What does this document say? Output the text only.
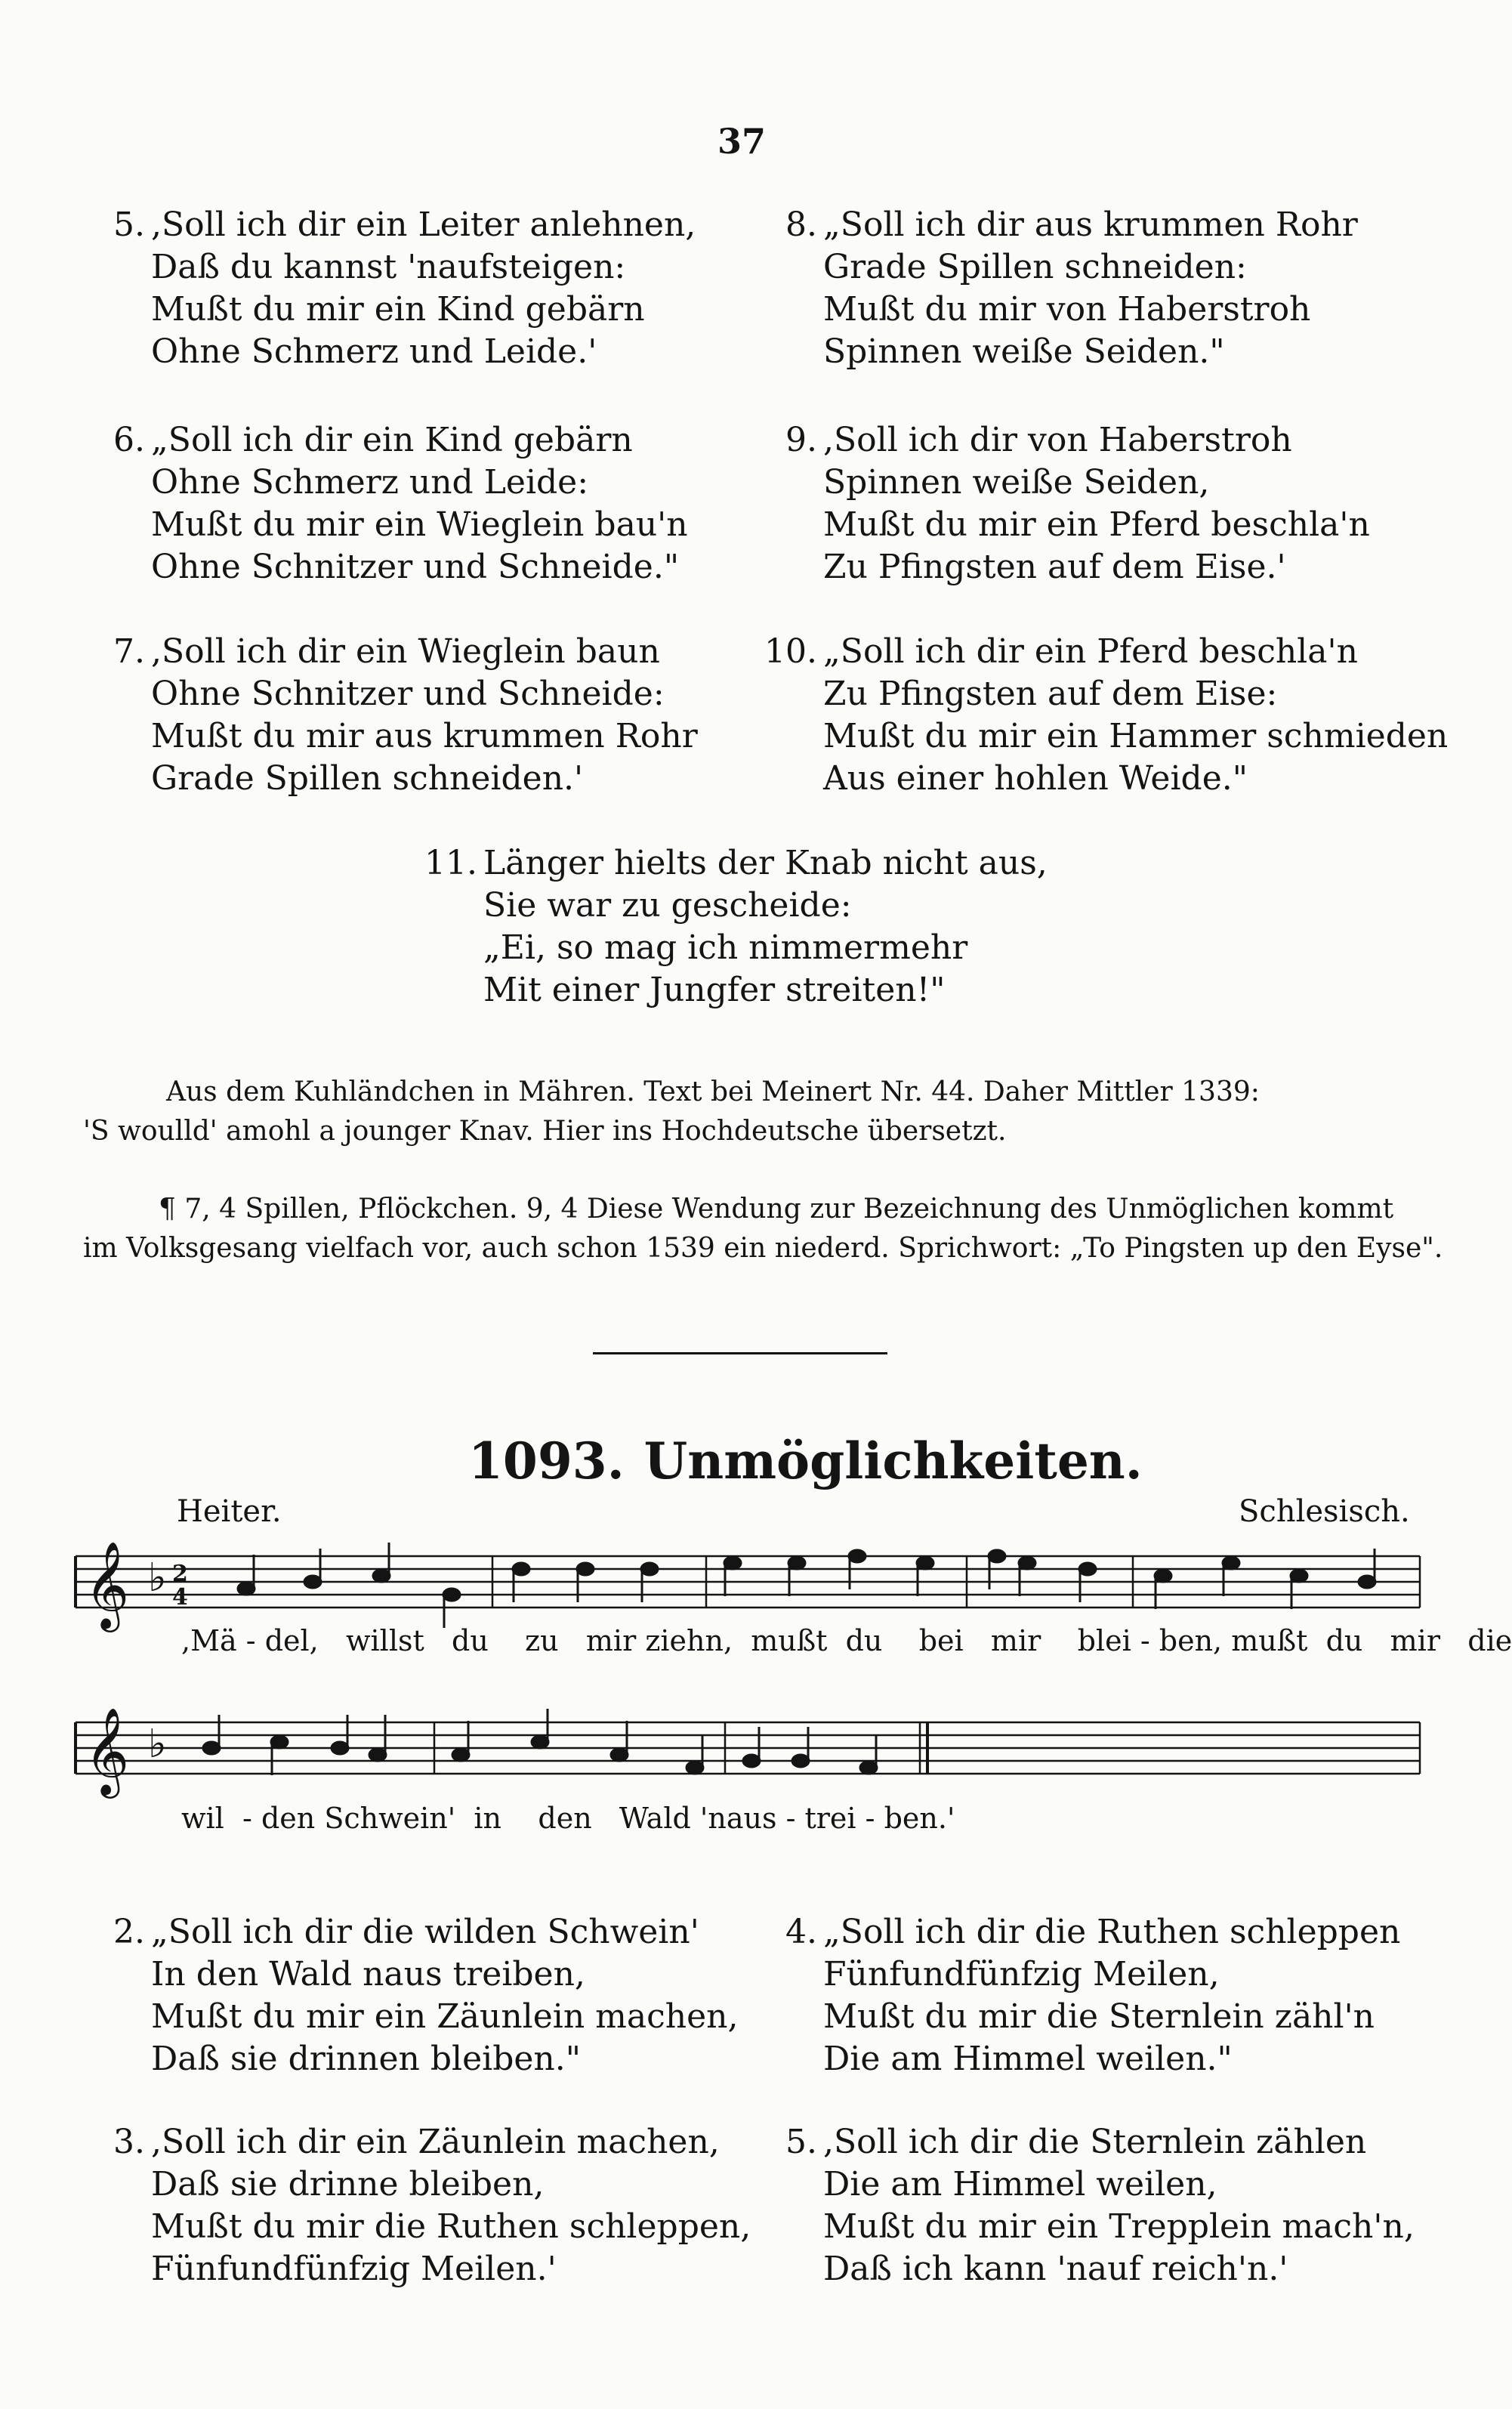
37
5. ,Soll ich dir ein Leiter anlehnen,
Daß du kannst 'naufsteigen:
Mußt du mir ein Kind gebärn
Ohne Schmerz und Leide.'
6. „Soll ich dir ein Kind gebärn
Ohne Schmerz und Leide:
Mußt du mir ein Wieglein bau'n
Ohne Schnitzer und Schneide."
7. ,Soll ich dir ein Wieglein baun
Ohne Schnitzer und Schneide:
Mußt du mir aus krummen Rohr
Grade Spillen schneiden.'
8. „Soll ich dir aus krummen Rohr
Grade Spillen schneiden:
Mußt du mir von Haberstroh
Spinnen weiße Seiden."
9. ,Soll ich dir von Haberstroh
Spinnen weiße Seiden,
Mußt du mir ein Pferd beschla'n
Zu Pfingsten auf dem Eise.'
10. „Soll ich dir ein Pferd beschla'n
Zu Pfingsten auf dem Eise:
Mußt du mir ein Hammer schmieden
Aus einer hohlen Weide."
11. Länger hielts der Knab nicht aus,
Sie war zu gescheide:
„Ei, so mag ich nimmermehr
Mit einer Jungfer streiten!"
Aus dem Kuhländchen in Mähren. Text bei Meinert Nr. 44. Daher Mittler 1339:
'S woulld' amohl a jounger Knav. Hier ins Hochdeutsche übersetzt.
¶ 7, 4 Spillen, Pflöckchen. 9, 4 Diese Wendung zur Bezeichnung des Unmöglichen kommt
im Volksgesang vielfach vor, auch schon 1539 ein niederd. Sprichwort: „To Pingsten up den Eyse".
1093. Unmöglichkeiten.
Heiter.	Schlesisch.
𝄞 ♭ 2
4
,Mä - del, willst du zu mir ziehn, mußt du bei mir blei - ben, mußt du mir die
𝄞 ♭
wil - den Schwein' in den Wald 'naus - trei - ben.'
2. „Soll ich dir die wilden Schwein'
In den Wald naus treiben,
Mußt du mir ein Zäunlein machen,
Daß sie drinnen bleiben."
3. ,Soll ich dir ein Zäunlein machen,
Daß sie drinne bleiben,
Mußt du mir die Ruthen schleppen,
Fünfundfünfzig Meilen.'
4. „Soll ich dir die Ruthen schleppen
Fünfundfünfzig Meilen,
Mußt du mir die Sternlein zähl'n
Die am Himmel weilen."
5. ,Soll ich dir die Sternlein zählen
Die am Himmel weilen,
Mußt du mir ein Trepplein mach'n,
Daß ich kann 'nauf reich'n.'
